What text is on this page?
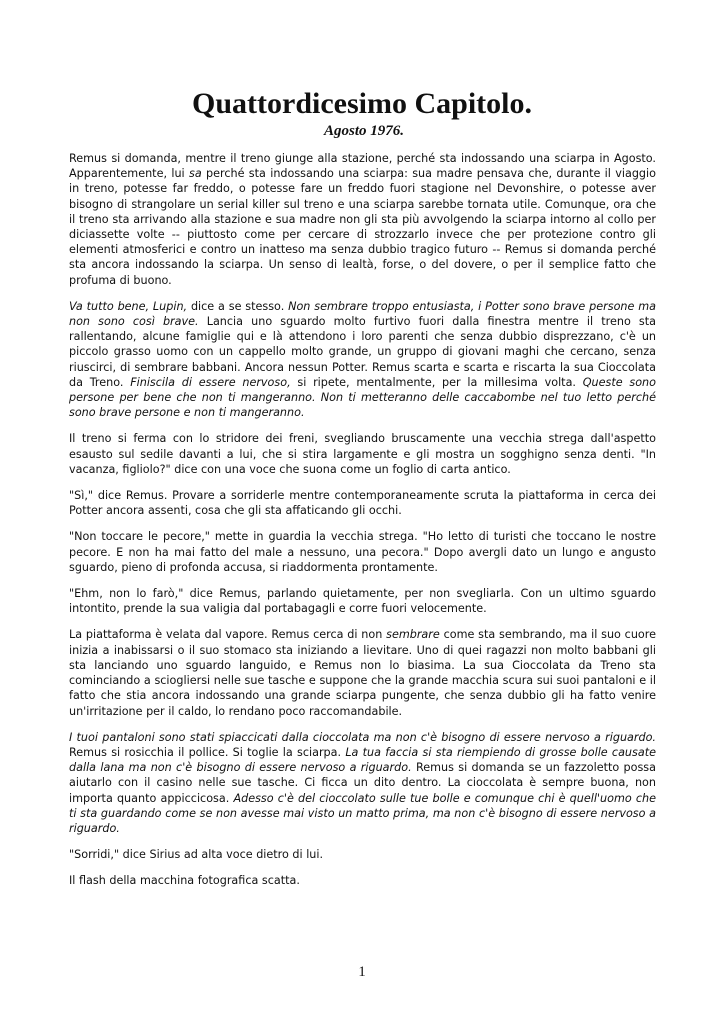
Quattordicesimo Capitolo.
Agosto 1976.

Remus si domanda, mentre il treno giunge alla stazione, perché sta indossando una sciarpa in Agosto. Apparentemente, lui sa perché sta indossando una sciarpa: sua madre pensava che, durante il viaggio in treno, potesse far freddo, o potesse fare un freddo fuori stagione nel Devonshire, o potesse aver bisogno di strangolare un serial killer sul treno e una sciarpa sarebbe tornata utile. Comunque, ora che il treno sta arrivando alla stazione e sua madre non gli sta più avvolgendo la sciarpa intorno al collo per diciassette volte -- piuttosto come per cercare di strozzarlo invece che per protezione contro gli elementi atmosferici e contro un inatteso ma senza dubbio tragico futuro -- Remus si domanda perché sta ancora indossando la sciarpa. Un senso di lealtà, forse, o del dovere, o per il semplice fatto che profuma di buono.

Va tutto bene, Lupin, dice a se stesso. Non sembrare troppo entusiasta, i Potter sono brave persone ma non sono così brave. Lancia uno sguardo molto furtivo fuori dalla finestra mentre il treno sta rallentando, alcune famiglie qui e là attendono i loro parenti che senza dubbio disprezzano, c'è un piccolo grasso uomo con un cappello molto grande, un gruppo di giovani maghi che cercano, senza riuscirci, di sembrare babbani. Ancora nessun Potter. Remus scarta e scarta e riscarta la sua Cioccolata da Treno. Finiscila di essere nervoso, si ripete, mentalmente, per la millesima volta. Queste sono persone per bene che non ti mangeranno. Non ti metteranno delle caccabombe nel tuo letto perché sono brave persone e non ti mangeranno.

Il treno si ferma con lo stridore dei freni, svegliando bruscamente una vecchia strega dall'aspetto esausto sul sedile davanti a lui, che si stira largamente e gli mostra un sogghigno senza denti. "In vacanza, figliolo?" dice con una voce che suona come un foglio di carta antico.

"Sì," dice Remus. Provare a sorriderle mentre contemporaneamente scruta la piattaforma in cerca dei Potter ancora assenti, cosa che gli sta affaticando gli occhi.

"Non toccare le pecore," mette in guardia la vecchia strega. "Ho letto di turisti che toccano le nostre pecore. E non ha mai fatto del male a nessuno, una pecora." Dopo avergli dato un lungo e angusto sguardo, pieno di profonda accusa, si riaddormenta prontamente.

"Ehm, non lo farò," dice Remus, parlando quietamente, per non svegliarla. Con un ultimo sguardo intontito, prende la sua valigia dal portabagagli e corre fuori velocemente.

La piattaforma è velata dal vapore. Remus cerca di non sembrare come sta sembrando, ma il suo cuore inizia a inabissarsi o il suo stomaco sta iniziando a lievitare. Uno di quei ragazzi non molto babbani gli sta lanciando uno sguardo languido, e Remus non lo biasima. La sua Cioccolata da Treno sta cominciando a sciogliersi nelle sue tasche e suppone che la grande macchia scura sui suoi pantaloni e il fatto che stia ancora indossando una grande sciarpa pungente, che senza dubbio gli ha fatto venire un'irritazione per il caldo, lo rendano poco raccomandabile.

I tuoi pantaloni sono stati spiaccicati dalla cioccolata ma non c'è bisogno di essere nervoso a riguardo. Remus si rosicchia il pollice. Si toglie la sciarpa. La tua faccia si sta riempiendo di grosse bolle causate dalla lana ma non c'è bisogno di essere nervoso a riguardo. Remus si domanda se un fazzoletto possa aiutarlo con il casino nelle sue tasche. Ci ficca un dito dentro. La cioccolata è sempre buona, non importa quanto appiccicosa. Adesso c'è del cioccolato sulle tue bolle e comunque chi è quell'uomo che ti sta guardando come se non avesse mai visto un matto prima, ma non c'è bisogno di essere nervoso a riguardo.

"Sorridi," dice Sirius ad alta voce dietro di lui.

Il flash della macchina fotografica scatta.

1
